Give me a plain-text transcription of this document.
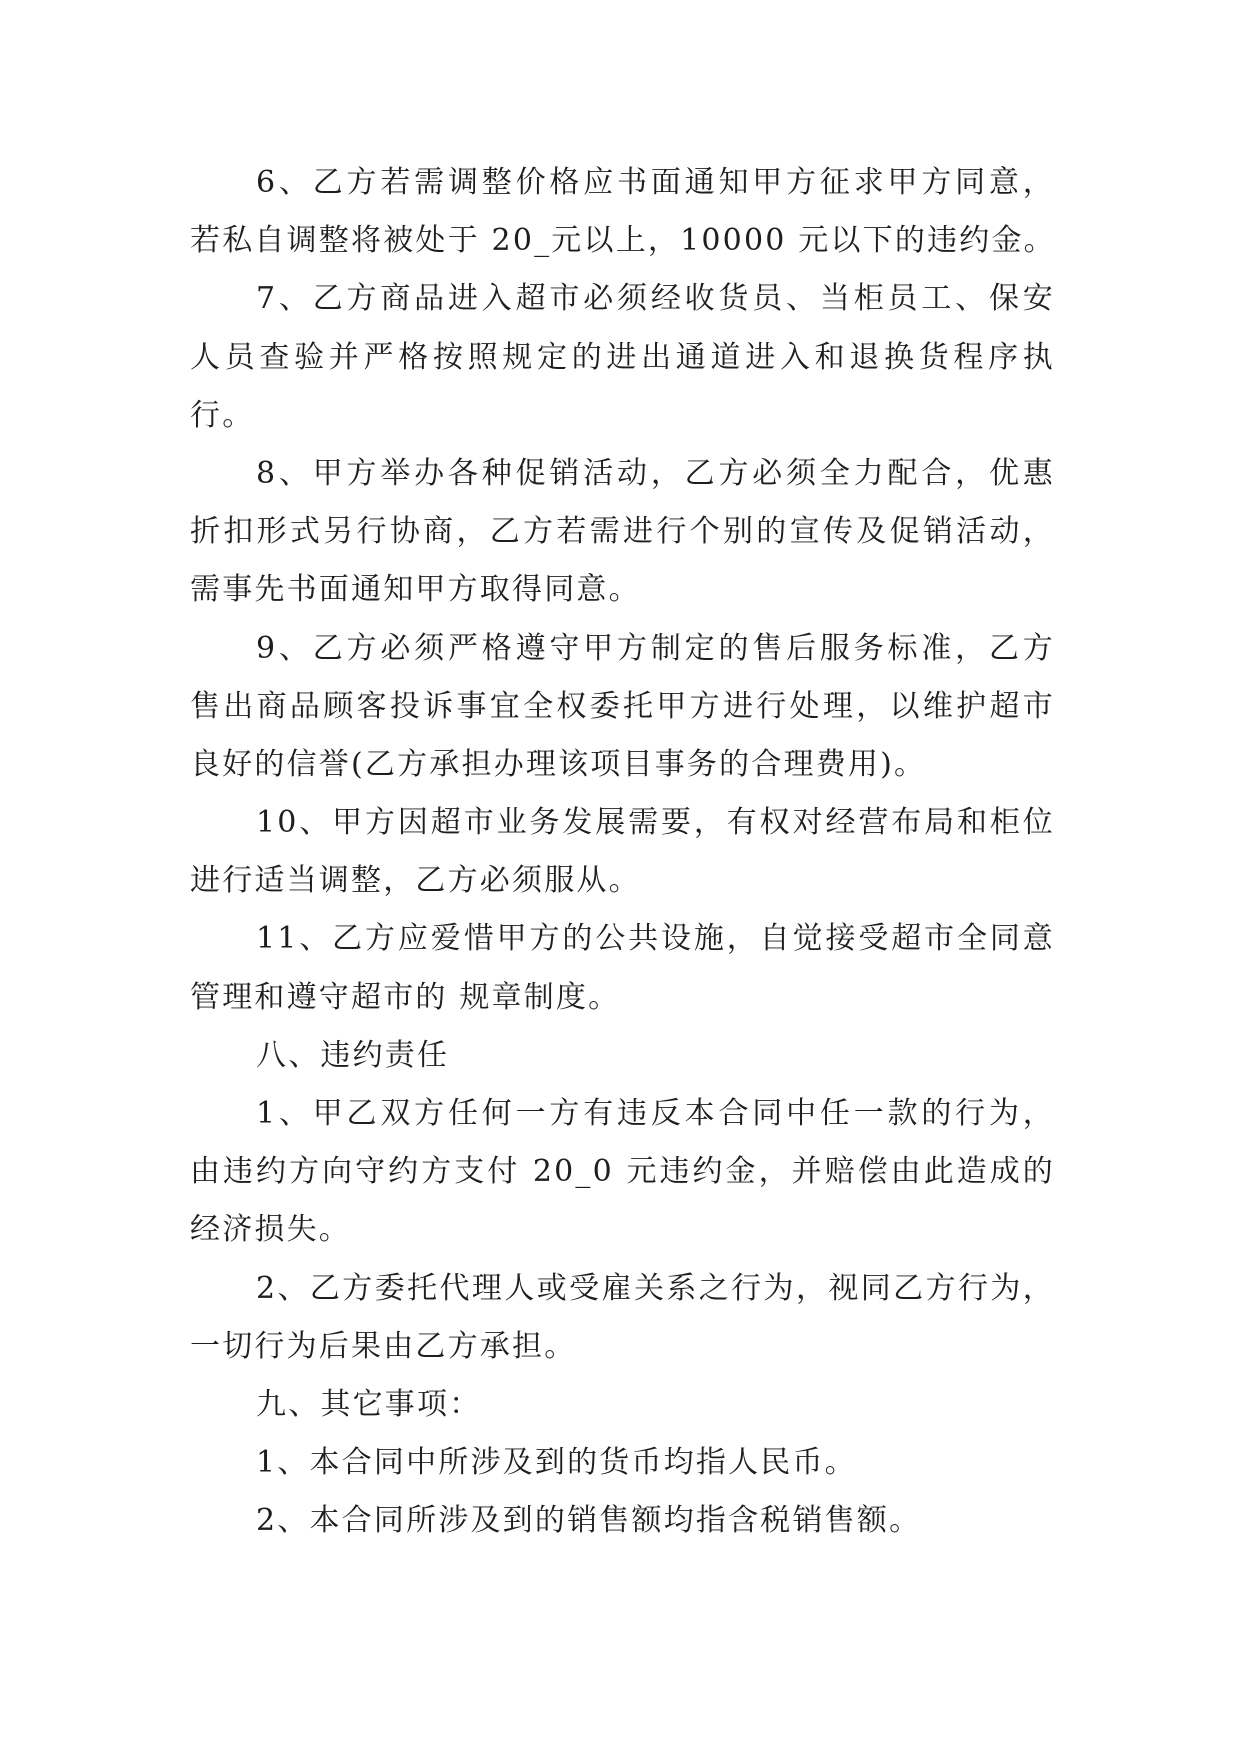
6、乙方若需调整价格应书面通知甲方征求甲方同意，
若私自调整将被处于 20_元以上，10000 元以下的违约金。
7、乙方商品进入超市必须经收货员、当柜员工、保安
人员查验并严格按照规定的进出通道进入和退换货程序执
行。
8、甲方举办各种促销活动，乙方必须全力配合，优惠
折扣形式另行协商，乙方若需进行个别的宣传及促销活动，
需事先书面通知甲方取得同意。
9、乙方必须严格遵守甲方制定的售后服务标准，乙方
售出商品顾客投诉事宜全权委托甲方进行处理，以维护超市
良好的信誉(乙方承担办理该项目事务的合理费用)。
10、甲方因超市业务发展需要，有权对经营布局和柜位
进行适当调整，乙方必须服从。
11、乙方应爱惜甲方的公共设施，自觉接受超市全同意
管理和遵守超市的 规章制度。
八、违约责任
1、甲乙双方任何一方有违反本合同中任一款的行为，
由违约方向守约方支付 20_0 元违约金，并赔偿由此造成的
经济损失。
2、乙方委托代理人或受雇关系之行为，视同乙方行为，
一切行为后果由乙方承担。
九、其它事项：
1、本合同中所涉及到的货币均指人民币。
2、本合同所涉及到的销售额均指含税销售额。
